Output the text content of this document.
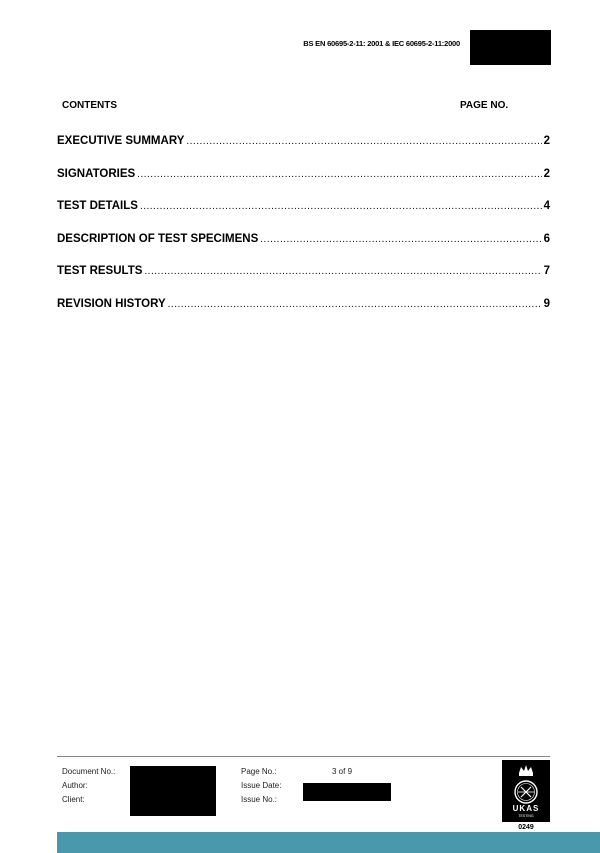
BS EN 60695-2-11: 2001 & IEC 60695-2-11:2000
CONTENTS	PAGE NO.
EXECUTIVE SUMMARY .....	2
SIGNATORIES .....	2
TEST DETAILS .....	4
DESCRIPTION OF TEST SPECIMENS .....	6
TEST RESULTS .....	7
REVISION HISTORY .....	9
Document No.:
Author:
Client:
Page No.:	3 of 9
Issue Date:
Issue No.:
UKAS
TESTING
0249
